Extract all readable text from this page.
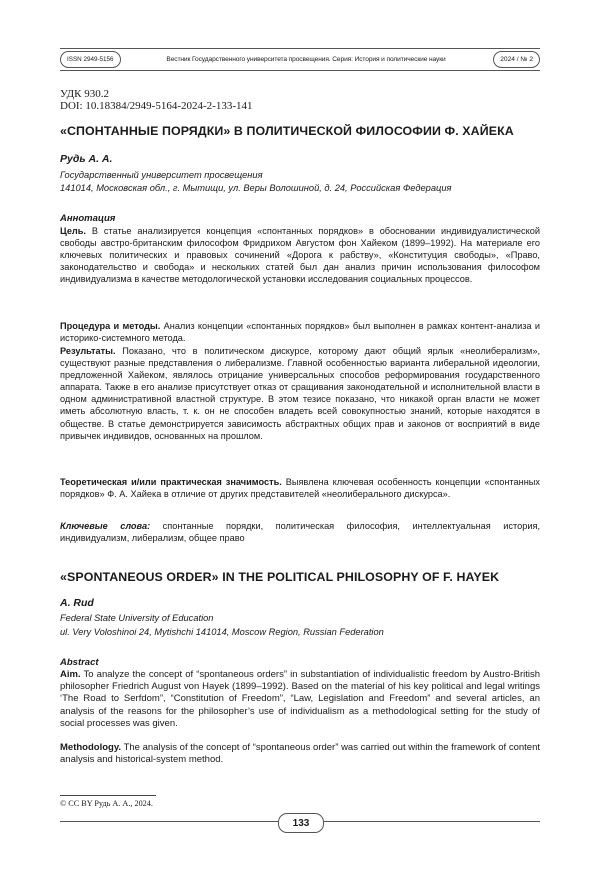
ISSN 2949-5156	Вестник Государственного университета просвещения. Серия: История и политические науки	2024 / № 2
УДК 930.2
DOI: 10.18384/2949-5164-2024-2-133-141
«СПОНТАННЫЕ ПОРЯДКИ» В ПОЛИТИЧЕСКОЙ ФИЛОСОФИИ Ф. ХАЙЕКА
Рудь А. А.
Государственный университет просвещения
141014, Московская обл., г. Мытищи, ул. Веры Волошиной, д. 24, Российская Федерация
Аннотация
Цель. В статье анализируется концепция «спонтанных порядков» в обосновании индивидуалистической свободы австро-британским философом Фридрихом Августом фон Хайеком (1899–1992). На материале его ключевых политических и правовых сочинений «Дорога к рабству», «Конституция свободы», «Право, законодательство и свобода» и нескольких статей был дан анализ причин использования философом индивидуализма в качестве методологической установки исследования социальных процессов.
Процедура и методы. Анализ концепции «спонтанных порядков» был выполнен в рамках контент-анализа и историко-системного метода.
Результаты. Показано, что в политическом дискурсе, которому дают общий ярлык «неолиберализм», существуют разные представления о либерализме. Главной особенностью варианта либеральной идеологии, предложенной Хайеком, являлось отрицание универсальных способов реформирования государственного аппарата. Также в его анализе присутствует отказ от сращивания законодательной и исполнительной власти в одном административной властной структуре. В этом тезисе показано, что никакой орган власти не может иметь абсолютную власть, т. к. он не способен владеть всей совокупностью знаний, которые находятся в обществе. В статье демонстрируется зависимость абстрактных общих прав и законов от восприятий в виде привычек индивидов, основанных на прошлом.
Теоретическая и/или практическая значимость. Выявлена ключевая особенность концепции «спонтанных порядков» Ф. А. Хайека в отличие от других представителей «неолиберального дискурса».
Ключевые слова: спонтанные порядки, политическая философия, интеллектуальная история, индивидуализм, либерализм, общее право
«SPONTANEOUS ORDER» IN THE POLITICAL PHILOSOPHY OF F. HAYEK
A. Rud
Federal State University of Education
ul. Very Voloshinoi 24, Mytishchi 141014, Moscow Region, Russian Federation
Abstract
Aim. To analyze the concept of “spontaneous orders” in substantiation of individualistic freedom by Austro-British philosopher Friedrich August von Hayek (1899–1992). Based on the material of his key political and legal writings ‘The Road to Serfdom”, “Constitution of Freedom”, “Law, Legislation and Freedom” and several articles, an analysis of the reasons for the philosopher’s use of individualism as a methodological setting for the study of social processes was given.
Methodology. The analysis of the concept of “spontaneous order” was carried out within the framework of content analysis and historical-system method.
© CC BY Рудь А. А., 2024.
133
